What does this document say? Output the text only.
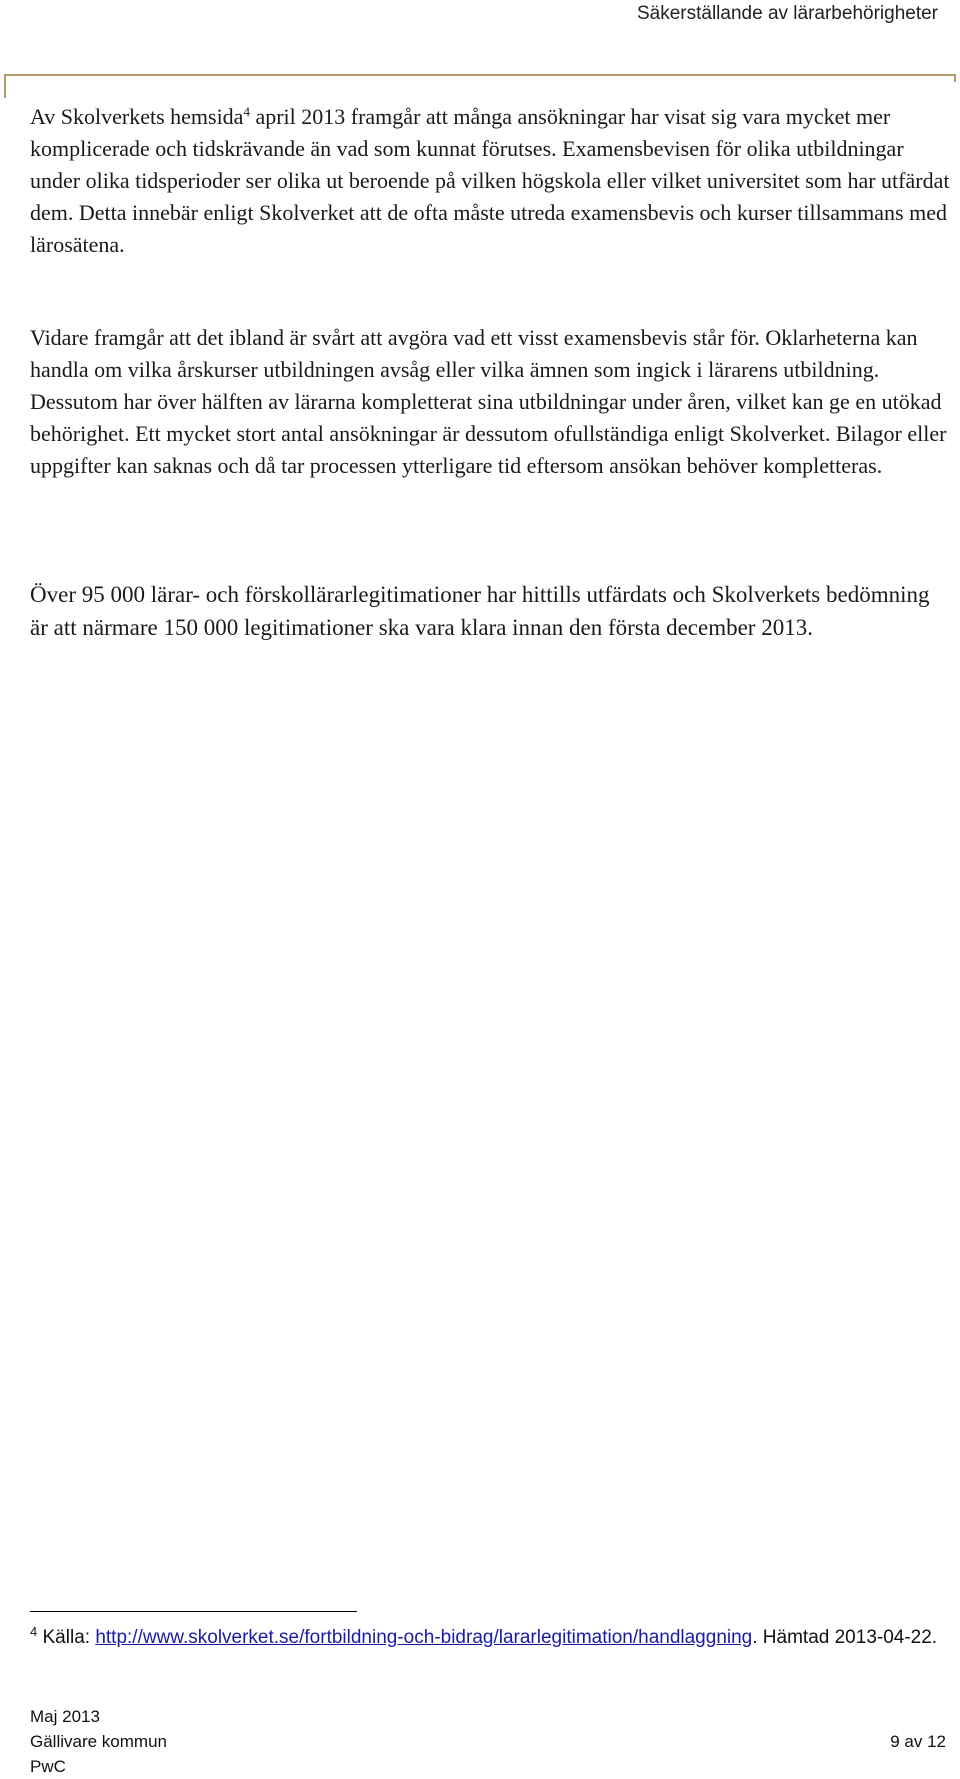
Säkerställande av lärarbehörigheter

Av Skolverkets hemsida$^4$ april 2013 framgår att många ansökningar har visat sig vara mycket mer komplicerade och tidskrävande än vad som kunnat förutses. Examensbevisen för olika utbildningar under olika tidsperioder ser olika ut beroende på vilken högskola eller vilket universitet som har utfärdat dem. Detta innebär enligt Skolverket att de ofta måste utreda examensbevis och kurser tillsammans med lärosätena.

Vidare framgår att det ibland är svårt att avgöra vad ett visst examensbevis står för. Oklarheterna kan handla om vilka årskurser utbildningen avsåg eller vilka ämnen som ingick i lärarens utbildning. Dessutom har över hälften av lärarna kompletterat sina utbildningar under åren, vilket kan ge en utökad behörighet. Ett mycket stort antal ansökningar är dessutom ofullständiga enligt Skolverket. Bilagor eller uppgifter kan saknas och då tar processen ytterligare tid eftersom ansökan behöver kompletteras.

Över 95 000 lärar- och förskollärarlegitimationer har hittills utfärdats och Skolverkets bedömning är att närmare 150 000 legitimationer ska vara klara innan den första december 2013.

$^4$ Källa: http://www.skolverket.se/fortbildning-och-bidrag/lararlegitimation/handlaggning. Hämtad 2013-04-22.
Maj 2013
Gällivare kommun
PwC
9 av 12
